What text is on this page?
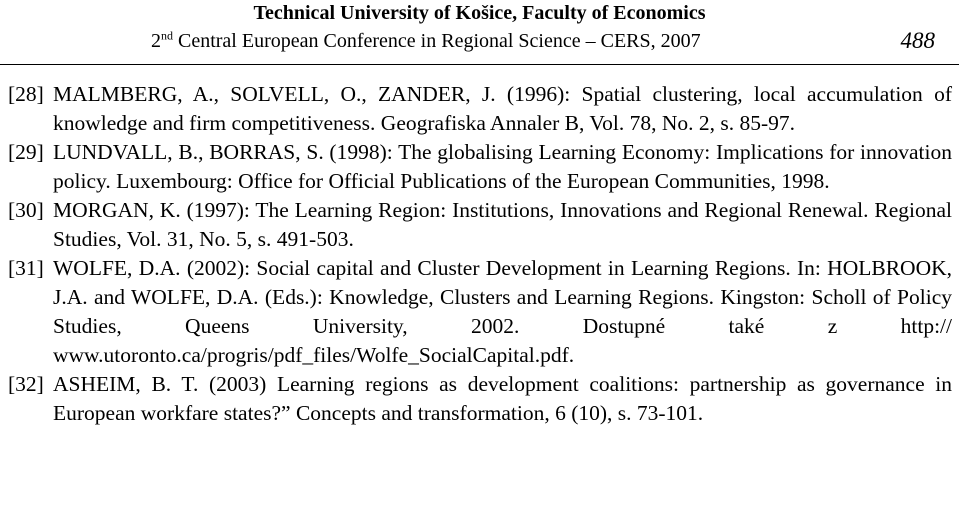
Technical University of Košice, Faculty of Economics
2nd Central European Conference in Regional Science – CERS, 2007	488

[28] MALMBERG, A., SOLVELL, O., ZANDER, J. (1996): Spatial clustering, local accumulation of knowledge and firm competitiveness. Geografiska Annaler B, Vol. 78, No. 2, s. 85-97.

[29] LUNDVALL, B., BORRAS, S. (1998): The globalising Learning Economy: Implications for innovation policy. Luxembourg: Office for Official Publications of the European Communities, 1998.

[30] MORGAN, K. (1997): The Learning Region: Institutions, Innovations and Regional Renewal. Regional Studies, Vol. 31, No. 5, s. 491-503.

[31] WOLFE, D.A. (2002): Social capital and Cluster Development in Learning Regions. In: HOLBROOK, J.A. and WOLFE, D.A. (Eds.): Knowledge, Clusters and Learning Regions. Kingston: Scholl of Policy Studies, Queens University, 2002. Dostupné také z http:// www.utoronto.ca/progris/pdf_files/Wolfe_SocialCapital.pdf.

[32] ASHEIM, B. T. (2003) Learning regions as development coalitions: partnership as governance in European workfare states?” Concepts and transformation, 6 (10), s. 73-101.
